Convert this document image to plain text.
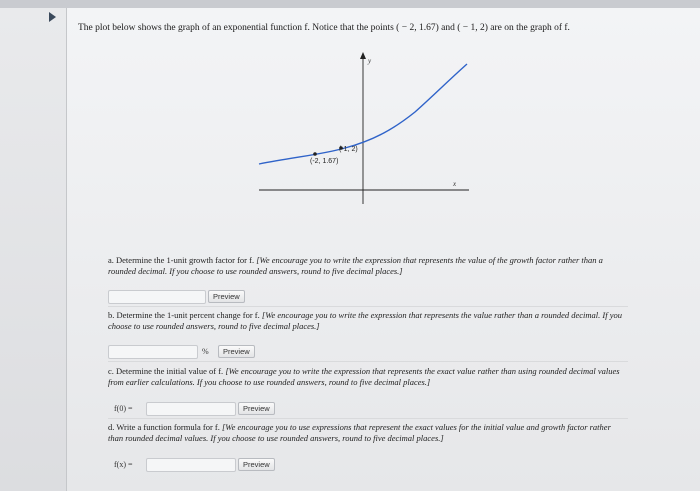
The plot below shows the graph of an exponential function f. Notice that the points ( − 2, 1.67) and ( − 1, 2) are on the graph of f.
y
x
(-2, 1.67)
(-1, 2)
a. Determine the 1-unit growth factor for f. [We encourage you to write the expression that represents the value of the growth factor rather than a rounded decimal. If you choose to use rounded answers, round to five decimal places.]
Preview
b. Determine the 1-unit percent change for f. [We encourage you to write the expression that represents the value rather than a rounded decimal. If you choose to use rounded answers, round to five decimal places.]
%	Preview
c. Determine the initial value of f. [We encourage you to write the expression that represents the exact value rather than using rounded decimal values from earlier calculations. If you choose to use rounded answers, round to five decimal places.]
f(0) =	Preview
d. Write a function formula for f. [We encourage you to use expressions that represent the exact values for the initial value and growth factor rather than rounded decimal values. If you choose to use rounded answers, round to five decimal places.]
f(x) =	Preview
